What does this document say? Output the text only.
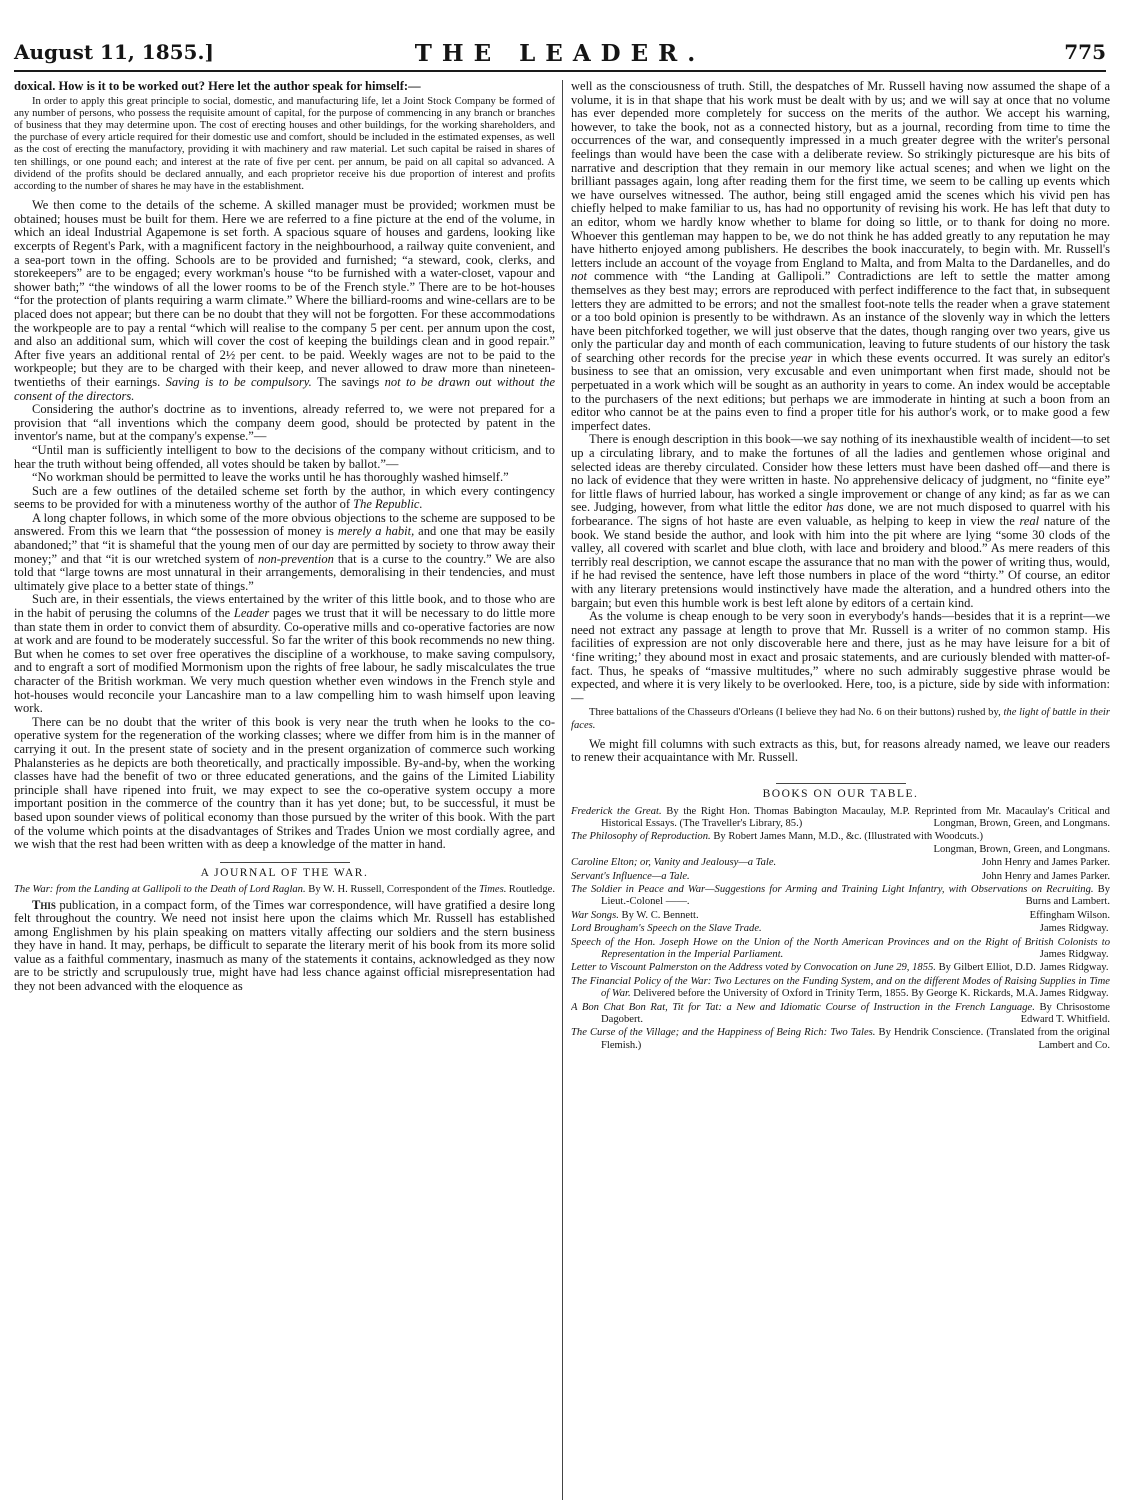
August 11, 1855.]	THE LEADER.	775

doxical. How is it to be worked out? Here let the author speak for himself:—

In order to apply this great principle to social, domestic, and manufacturing life, let a Joint Stock Company be formed of any number of persons, who possess the requisite amount of capital, for the purpose of commencing in any branch or branches of business that they may determine upon. The cost of erecting houses and other buildings, for the working shareholders, and the purchase of every article required for their domestic use and comfort, should be included in the estimated expenses, as well as the cost of erecting the manufactory, providing it with machinery and raw material. Let such capital be raised in shares of ten shillings, or one pound each; and interest at the rate of five per cent. per annum, be paid on all capital so advanced. A dividend of the profits should be declared annually, and each proprietor receive his due proportion of interest and profits according to the number of shares he may have in the establishment.

We then come to the details of the scheme. A skilled manager must be provided; workmen must be obtained; houses must be built for them. Here we are referred to a fine picture at the end of the volume, in which an ideal Industrial Agapemone is set forth. A spacious square of houses and gardens, looking like excerpts of Regent's Park, with a magnificent factory in the neighbourhood, a railway quite convenient, and a sea-port town in the offing. Schools are to be provided and furnished; “a steward, cook, clerks, and storekeepers” are to be engaged; every workman's house “to be furnished with a water-closet, vapour and shower bath;” “the windows of all the lower rooms to be of the French style.” There are to be hot-houses “for the protection of plants requiring a warm climate.” Where the billiard-rooms and wine-cellars are to be placed does not appear; but there can be no doubt that they will not be forgotten. For these accommodations the workpeople are to pay a rental “which will realise to the company 5 per cent. per annum upon the cost, and also an additional sum, which will cover the cost of keeping the buildings clean and in good repair.” After five years an additional rental of 2½ per cent. to be paid. Weekly wages are not to be paid to the workpeople; but they are to be charged with their keep, and never allowed to draw more than nineteen-twentieths of their earnings. Saving is to be compulsory. The savings not to be drawn out without the consent of the directors.

Considering the author's doctrine as to inventions, already referred to, we were not prepared for a provision that “all inventions which the company deem good, should be protected by patent in the inventor's name, but at the company's expense.”—

“Until man is sufficiently intelligent to bow to the decisions of the company without criticism, and to hear the truth without being offended, all votes should be taken by ballot.”—

“No workman should be permitted to leave the works until he has thoroughly washed himself.”

Such are a few outlines of the detailed scheme set forth by the author, in which every contingency seems to be provided for with a minuteness worthy of the author of The Republic.

A long chapter follows, in which some of the more obvious objections to the scheme are supposed to be answered. From this we learn that “the possession of money is merely a habit, and one that may be easily abandoned;” that “it is shameful that the young men of our day are permitted by society to throw away their money;” and that “it is our wretched system of non-prevention that is a curse to the country.” We are also told that “large towns are most unnatural in their arrangements, demoralising in their tendencies, and must ultimately give place to a better state of things.”

Such are, in their essentials, the views entertained by the writer of this little book, and to those who are in the habit of perusing the columns of the Leader pages we trust that it will be necessary to do little more than state them in order to convict them of absurdity. Co-operative mills and co-operative factories are now at work and are found to be moderately successful. So far the writer of this book recommends no new thing. But when he comes to set over free operatives the discipline of a workhouse, to make saving compulsory, and to engraft a sort of modified Mormonism upon the rights of free labour, he sadly miscalculates the true character of the British workman. We very much question whether even windows in the French style and hot-houses would reconcile your Lancashire man to a law compelling him to wash himself upon leaving work.

There can be no doubt that the writer of this book is very near the truth when he looks to the co-operative system for the regeneration of the working classes; where we differ from him is in the manner of carrying it out. In the present state of society and in the present organization of commerce such working Phalansteries as he depicts are both theoretically, and practically impossible. By-and-by, when the working classes have had the benefit of two or three educated generations, and the gains of the Limited Liability principle shall have ripened into fruit, we may expect to see the co-operative system occupy a more important position in the commerce of the country than it has yet done; but, to be successful, it must be based upon sounder views of political economy than those pursued by the writer of this book. With the part of the volume which points at the disadvantages of Strikes and Trades Union we most cordially agree, and we wish that the rest had been written with as deep a knowledge of the matter in hand.

A JOURNAL OF THE WAR.

The War: from the Landing at Gallipoli to the Death of Lord Raglan. By W. H. Russell, Correspondent of the Times. Routledge.

This publication, in a compact form, of the Times war correspondence, will have gratified a desire long felt throughout the country. We need not insist here upon the claims which Mr. Russell has established among Englishmen by his plain speaking on matters vitally affecting our soldiers and the stern business they have in hand. It may, perhaps, be difficult to separate the literary merit of his book from its more solid value as a faithful commentary, inasmuch as many of the statements it contains, acknowledged as they now are to be strictly and scrupulously true, might have had less chance against official misrepresentation had they not been advanced with the eloquence as

well as the consciousness of truth. Still, the despatches of Mr. Russell having now assumed the shape of a volume, it is in that shape that his work must be dealt with by us; and we will say at once that no volume has ever depended more completely for success on the merits of the author. We accept his warning, however, to take the book, not as a connected history, but as a journal, recording from time to time the occurrences of the war, and consequently impressed in a much greater degree with the writer's personal feelings than would have been the case with a deliberate review. So strikingly picturesque are his bits of narrative and description that they remain in our memory like actual scenes; and when we light on the brilliant passages again, long after reading them for the first time, we seem to be calling up events which we have ourselves witnessed. The author, being still engaged amid the scenes which his vivid pen has chiefly helped to make familiar to us, has had no opportunity of revising his work. He has left that duty to an editor, whom we hardly know whether to blame for doing so little, or to thank for doing no more. Whoever this gentleman may happen to be, we do not think he has added greatly to any reputation he may have hitherto enjoyed among publishers. He describes the book inaccurately, to begin with. Mr. Russell's letters include an account of the voyage from England to Malta, and from Malta to the Dardanelles, and do not commence with “the Landing at Gallipoli.” Contradictions are left to settle the matter among themselves as they best may; errors are reproduced with perfect indifference to the fact that, in subsequent letters they are admitted to be errors; and not the smallest foot-note tells the reader when a grave statement or a too bold opinion is presently to be withdrawn. As an instance of the slovenly way in which the letters have been pitchforked together, we will just observe that the dates, though ranging over two years, give us only the particular day and month of each communication, leaving to future students of our history the task of searching other records for the precise year in which these events occurred. It was surely an editor's business to see that an omission, very excusable and even unimportant when first made, should not be perpetuated in a work which will be sought as an authority in years to come. An index would be acceptable to the purchasers of the next editions; but perhaps we are immoderate in hinting at such a boon from an editor who cannot be at the pains even to find a proper title for his author's work, or to make good a few imperfect dates.

There is enough description in this book—we say nothing of its inexhaustible wealth of incident—to set up a circulating library, and to make the fortunes of all the ladies and gentlemen whose original and selected ideas are thereby circulated. Consider how these letters must have been dashed off—and there is no lack of evidence that they were written in haste. No apprehensive delicacy of judgment, no “finite eye” for little flaws of hurried labour, has worked a single improvement or change of any kind; as far as we can see. Judging, however, from what little the editor has done, we are not much disposed to quarrel with his forbearance. The signs of hot haste are even valuable, as helping to keep in view the real nature of the book. We stand beside the author, and look with him into the pit where are lying “some 30 clods of the valley, all covered with scarlet and blue cloth, with lace and broidery and blood.” As mere readers of this terribly real description, we cannot escape the assurance that no man with the power of writing thus, would, if he had revised the sentence, have left those numbers in place of the word “thirty.” Of course, an editor with any literary pretensions would instinctively have made the alteration, and a hundred others into the bargain; but even this humble work is best left alone by editors of a certain kind.

As the volume is cheap enough to be very soon in everybody's hands—besides that it is a reprint—we need not extract any passage at length to prove that Mr. Russell is a writer of no common stamp. His facilities of expression are not only discoverable here and there, just as he may have leisure for a bit of ‘fine writing;’ they abound most in exact and prosaic statements, and are curiously blended with matter-of-fact. Thus, he speaks of “massive multitudes,” where no such admirably suggestive phrase would be expected, and where it is very likely to be overlooked. Here, too, is a picture, side by side with information:—

Three battalions of the Chasseurs d'Orleans (I believe they had No. 6 on their buttons) rushed by, the light of battle in their faces.

We might fill columns with such extracts as this, but, for reasons already named, we leave our readers to renew their acquaintance with Mr. Russell.

BOOKS ON OUR TABLE.
Frederick the Great. By the Right Hon. Thomas Babington Macaulay, M.P. Reprinted from Mr. Macaulay's Critical and Historical Essays. (The Traveller's Library, 85.)	Longman, Brown, Green, and Longmans.
The Philosophy of Reproduction. By Robert James Mann, M.D., &c. (Illustrated with Woodcuts.)
Longman, Brown, Green, and Longmans.
Caroline Elton; or, Vanity and Jealousy—a Tale.	John Henry and James Parker.
Servant's Influence—a Tale.	John Henry and James Parker.
The Soldier in Peace and War—Suggestions for Arming and Training Light Infantry, with Observations on Recruiting. By Lieut.-Colonel ——.	Burns and Lambert.
War Songs. By W. C. Bennett.	Effingham Wilson.
Lord Brougham's Speech on the Slave Trade.	James Ridgway.
Speech of the Hon. Joseph Howe on the Union of the North American Provinces and on the Right of British Colonists to Representation in the Imperial Parliament.	James Ridgway.
Letter to Viscount Palmerston on the Address voted by Convocation on June 29, 1855. By Gilbert Elliot, D.D. James Ridgway.
The Financial Policy of the War: Two Lectures on the Funding System, and on the different Modes of Raising Supplies in Time of War. Delivered before the University of Oxford in Trinity Term, 1855. By George K. Rickards, M.A. James Ridgway.
A Bon Chat Bon Rat, Tit for Tat: a New and Idiomatic Course of Instruction in the French Language. By Chrisostome Dagobert.	Edward T. Whitfield.
The Curse of the Village; and the Happiness of Being Rich: Two Tales. By Hendrik Conscience. (Translated from the original Flemish.)	Lambert and Co.
